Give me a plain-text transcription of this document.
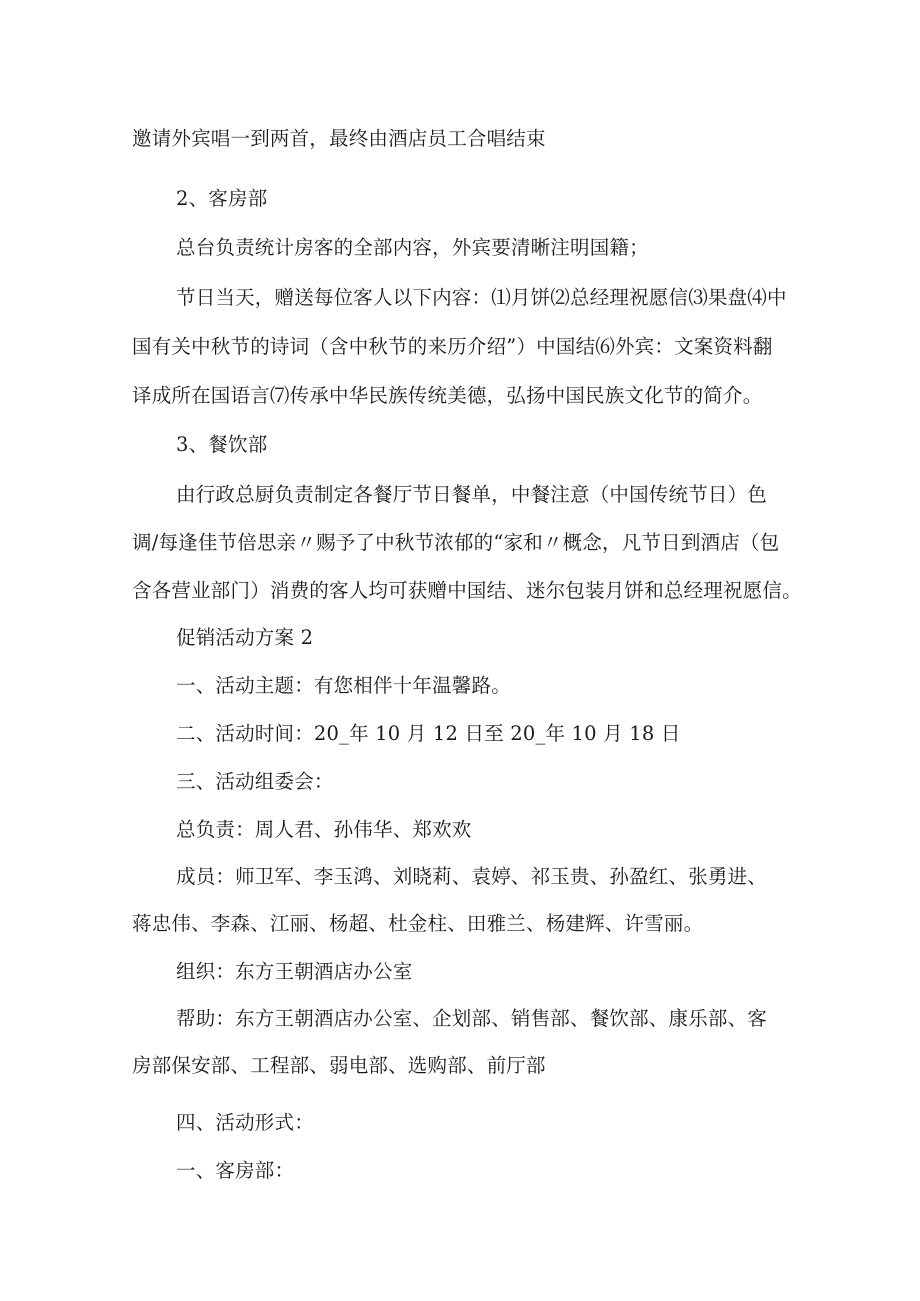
邀请外宾唱一到两首，最终由酒店员工合唱结束
2、客房部
总台负责统计房客的全部内容，外宾要清晰注明国籍；
节日当天，赠送每位客人以下内容：⑴月饼⑵总经理祝愿信⑶果盘⑷中
国有关中秋节的诗词（含中秋节的来历介绍”）中国结⑹外宾：文案资料翻
译成所在国语言⑺传承中华民族传统美德，弘扬中国民族文化节的简介。
3、餐饮部
由行政总厨负责制定各餐厅节日餐单，中餐注意（中国传统节日）色
调/每逢佳节倍思亲〃赐予了中秋节浓郁的“家和〃概念，凡节日到酒店（包
含各营业部门）消费的客人均可获赠中国结、迷尔包装月饼和总经理祝愿信。
促销活动方案 2
一、活动主题：有您相伴十年温馨路。
二、活动时间：20_年 10 月 12 日至 20_年 10 月 18 日
三、活动组委会：
总负责：周人君、孙伟华、郑欢欢
成员：师卫军、李玉鸿、刘晓莉、袁婷、祁玉贵、孙盈红、张勇进、
蒋忠伟、李森、江丽、杨超、杜金柱、田雅兰、杨建辉、许雪丽。
组织：东方王朝酒店办公室
帮助：东方王朝酒店办公室、企划部、销售部、餐饮部、康乐部、客
房部保安部、工程部、弱电部、选购部、前厅部
四、活动形式：
一、客房部：
